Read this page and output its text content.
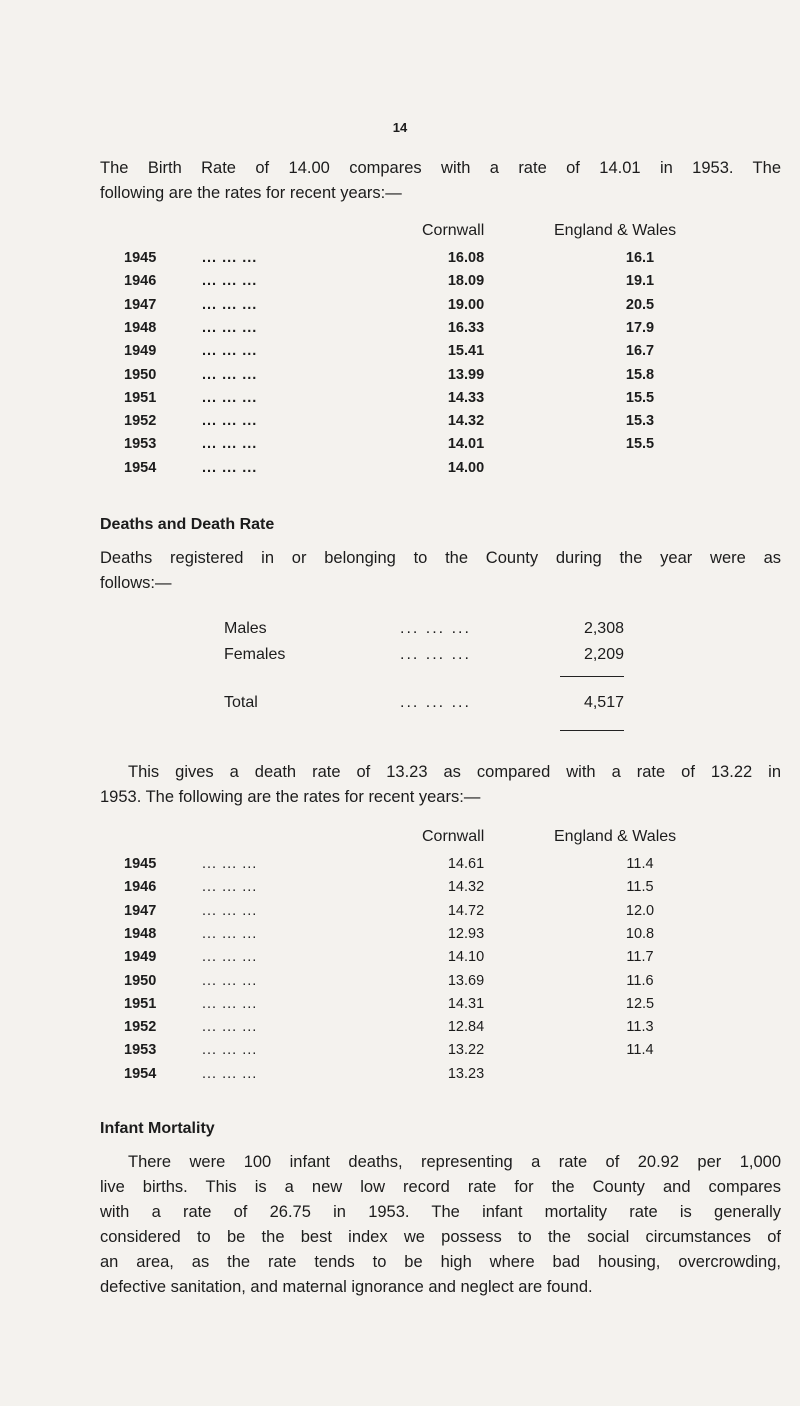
14
The Birth Rate of 14.00 compares with a rate of 14.01 in 1953. The
following are the rates for recent years:—
Cornwall	England & Wales
1945	... ... ...	16.08	16.1
1946	... ... ...	18.09	19.1
1947	... ... ...	19.00	20.5
1948	... ... ...	16.33	17.9
1949	... ... ...	15.41	16.7
1950	... ... ...	13.99	15.8
1951	... ... ...	14.33	15.5
1952	... ... ...	14.32	15.3
1953	... ... ...	14.01	15.5
1954	... ... ...	14.00
Deaths and Death Rate
Deaths registered in or belonging to the County during the year were as
follows:—
Males	... ... ...	2,308
Females	... ... ...	2,209
Total	... ... ...	4,517
This gives a death rate of 13.23 as compared with a rate of 13.22 in
1953. The following are the rates for recent years:—
Cornwall	England & Wales
1945	... ... ...	14.61	11.4
1946	... ... ...	14.32	11.5
1947	... ... ...	14.72	12.0
1948	... ... ...	12.93	10.8
1949	... ... ...	14.10	11.7
1950	... ... ...	13.69	11.6
1951	... ... ...	14.31	12.5
1952	... ... ...	12.84	11.3
1953	... ... ...	13.22	11.4
1954	... ... ...	13.23
Infant Mortality
There were 100 infant deaths, representing a rate of 20.92 per 1,000
live births. This is a new low record rate for the County and compares
with a rate of 26.75 in 1953. The infant mortality rate is generally
considered to be the best index we possess to the social circumstances of
an area, as the rate tends to be high where bad housing, overcrowding,
defective sanitation, and maternal ignorance and neglect are found.
